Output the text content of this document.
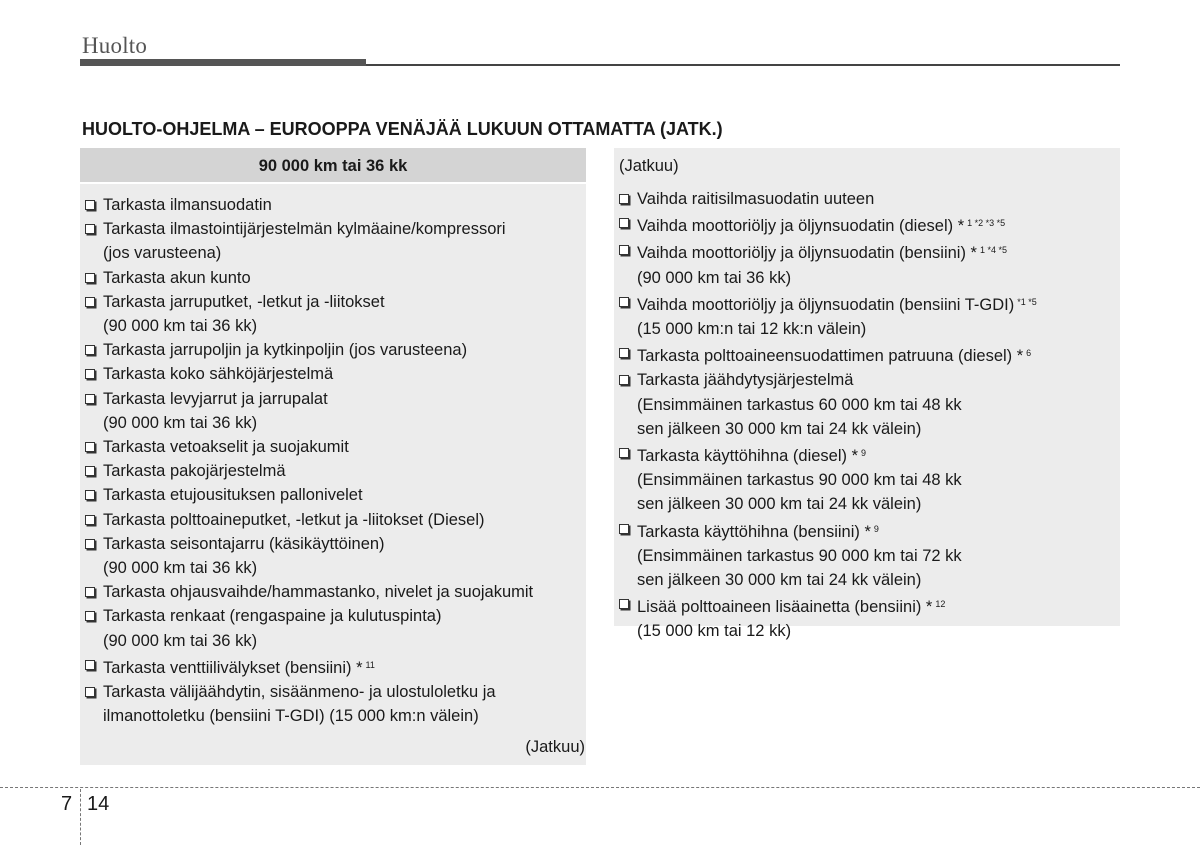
Huolto
HUOLTO-OHJELMA – EUROOPPA VENÄJÄÄ LUKUUN OTTAMATTA (JATK.)
90 000 km tai 36 kk
Tarkasta ilmansuodatin
Tarkasta ilmastointijärjestelmän kylmäaine/kompressori
(jos varusteena)
Tarkasta akun kunto
Tarkasta jarruputket, -letkut ja -liitokset
(90 000 km tai 36 kk)
Tarkasta jarrupoljin ja kytkinpoljin (jos varusteena)
Tarkasta koko sähköjärjestelmä
Tarkasta levyjarrut ja jarrupalat
(90 000 km tai 36 kk)
Tarkasta vetoakselit ja suojakumit
Tarkasta pakojärjestelmä
Tarkasta etujousituksen pallonivelet
Tarkasta polttoaineputket, -letkut ja -liitokset (Diesel)
Tarkasta seisontajarru (käsikäyttöinen)
(90 000 km tai 36 kk)
Tarkasta ohjausvaihde/hammastanko, nivelet ja suojakumit
Tarkasta renkaat (rengaspaine ja kulutuspinta)
(90 000 km tai 36 kk)
Tarkasta venttiilivälykset (bensiini) * $^{11}$
Tarkasta välijäähdytin, sisäänmeno- ja ulostuloletku ja
ilmanottoletku (bensiini T-GDI) (15 000 km:n välein)
(Jatkuu)
(Jatkuu)
Vaihda raitisilmasuodatin uuteen
Vaihda moottoriöljy ja öljynsuodatin (diesel) * $^{1 *2 *3 *5}$
Vaihda moottoriöljy ja öljynsuodatin (bensiini) * $^{1 *4 *5}$
(90 000 km tai 36 kk)
Vaihda moottoriöljy ja öljynsuodatin (bensiini T-GDI) $^{*1 *5}$
(15 000 km:n tai 12 kk:n välein)
Tarkasta polttoaineensuodattimen patruuna (diesel) * $^6$
Tarkasta jäähdytysjärjestelmä
(Ensimmäinen tarkastus 60 000 km tai 48 kk
sen jälkeen 30 000 km tai 24 kk välein)
Tarkasta käyttöhihna (diesel) * $^9$
(Ensimmäinen tarkastus 90 000 km tai 48 kk
sen jälkeen 30 000 km tai 24 kk välein)
Tarkasta käyttöhihna (bensiini) * $^9$
(Ensimmäinen tarkastus 90 000 km tai 72 kk
sen jälkeen 30 000 km tai 24 kk välein)
Lisää polttoaineen lisäainetta (bensiini) * $^{12}$
(15 000 km tai 12 kk)
7 14
